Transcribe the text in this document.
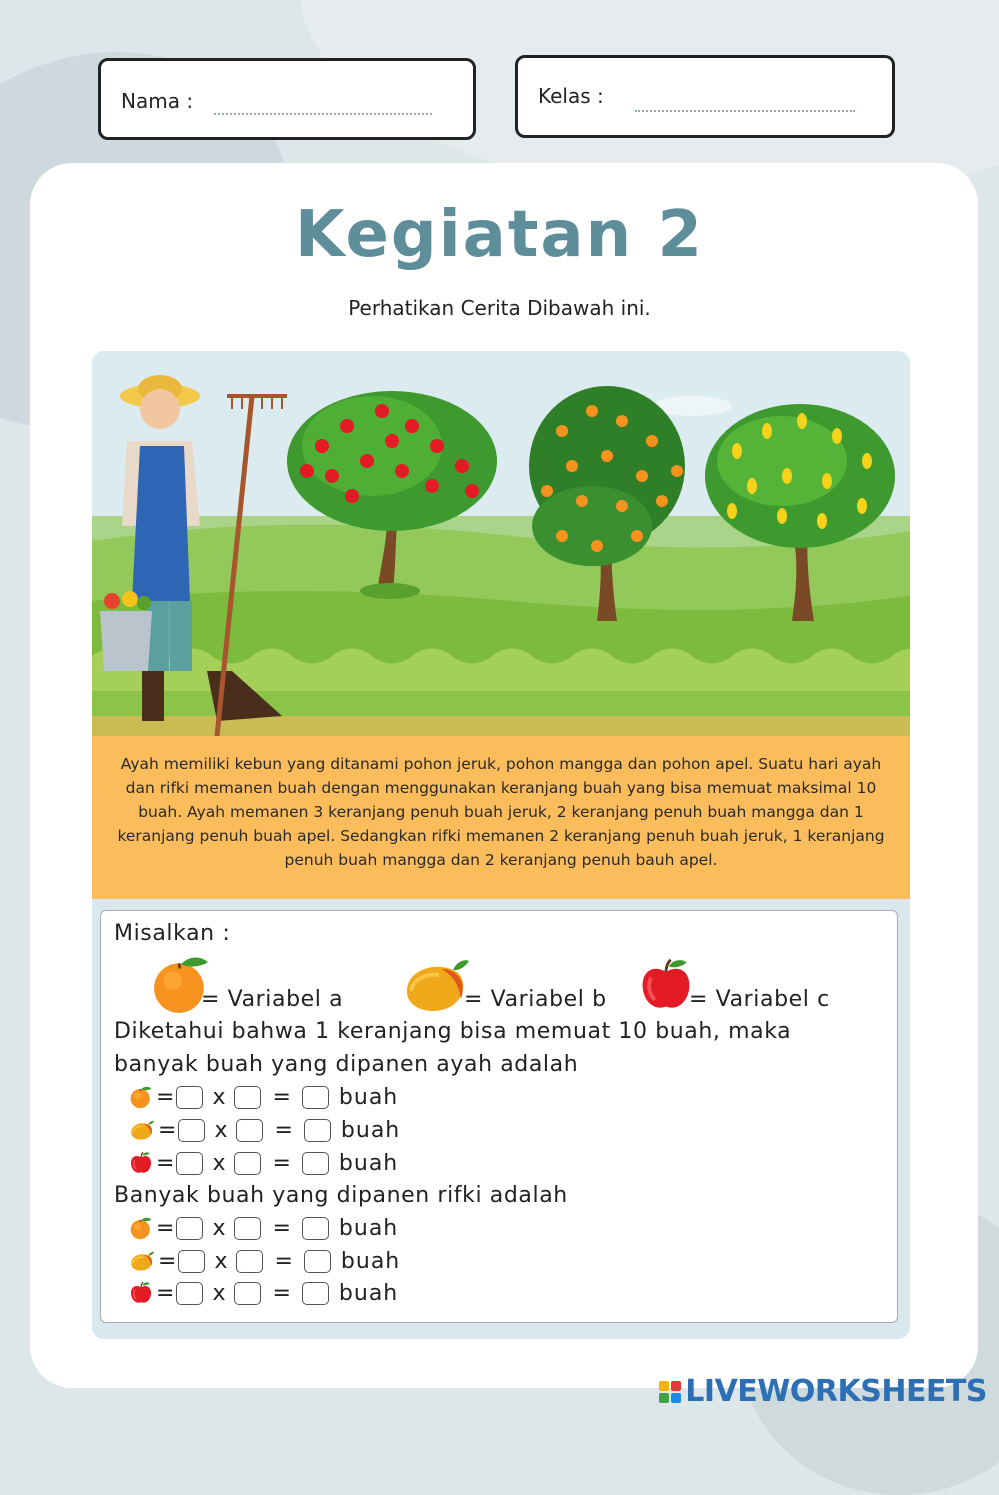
Nama :	Kelas :
Kegiatan 2
Perhatikan Cerita Dibawah ini.
Ayah memiliki kebun yang ditanami pohon jeruk, pohon mangga dan pohon apel. Suatu hari ayah dan rifki memanen buah dengan menggunakan keranjang buah yang bisa memuat maksimal 10 buah. Ayah memanen 3 keranjang penuh buah jeruk, 2 keranjang penuh buah mangga dan 1 keranjang penuh buah apel. Sedangkan rifki memanen 2 keranjang penuh buah jeruk, 1 keranjang penuh buah mangga dan 2 keranjang penuh bauh apel.
Misalkan :
= Variabel a	= Variabel b	= Variabel c
Diketahui bahwa 1 keranjang bisa memuat 10 buah, maka
banyak buah yang dipanen ayah adalah
= x = buah
= x = buah
= x = buah
Banyak buah yang dipanen rifki adalah
= x = buah
= x = buah
= x = buah
LIVEWORKSHEETS
